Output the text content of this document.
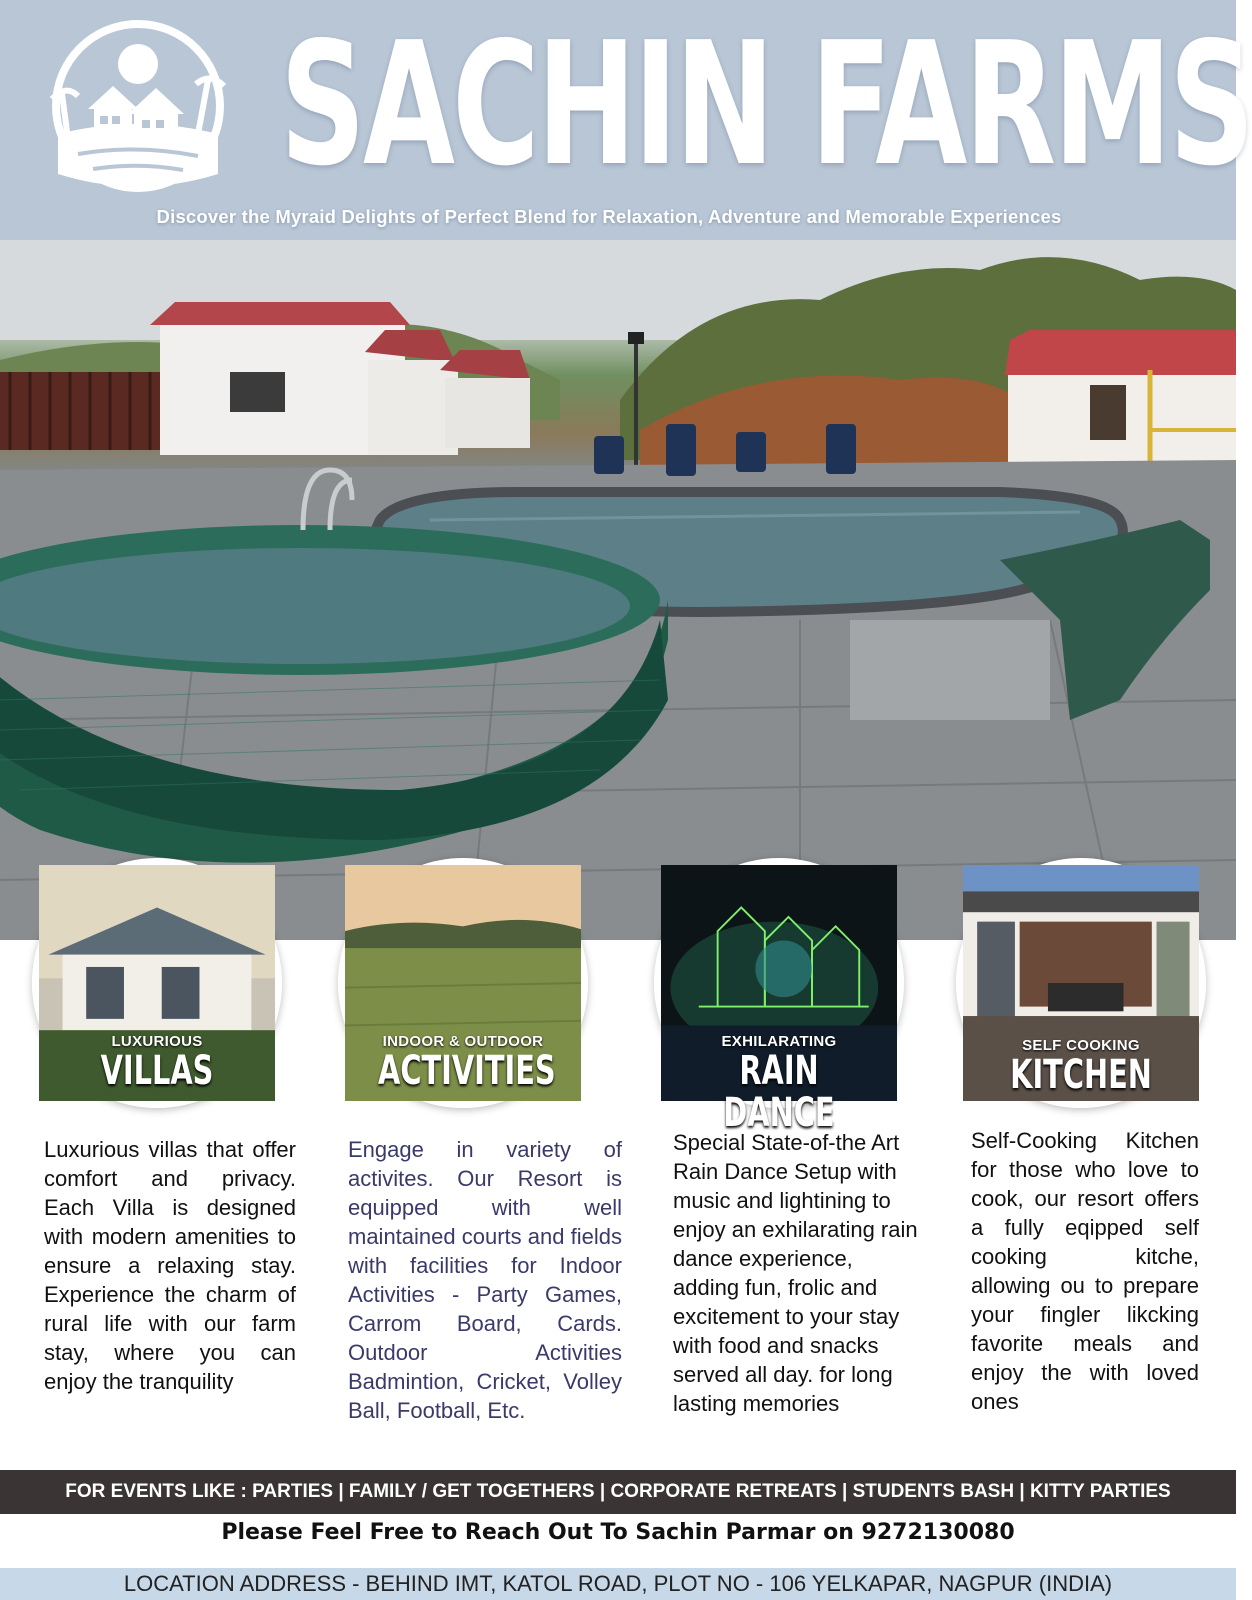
SACHIN FARMS
Discover the Myraid Delights of Perfect Blend for Relaxation, Adventure and Memorable Experiences
LUXURIOUS
VILLAS
INDOOR & OUTDOOR
ACTIVITIES
EXHILARATING
RAIN DANCE
SELF COOKING
KITCHEN

Luxurious villas that offer comfort and privacy. Each Villa is designed with modern amenities to ensure a relaxing stay. Experience the charm of rural life with our farm stay, where you can enjoy the tranquility

Engage in variety of activites. Our Resort is equipped with well maintained courts and fields with facilities for Indoor Activities - Party Games, Carrom Board, Cards. Outdoor Activities Badmintion, Cricket, Volley Ball, Football, Etc.

Special State-of-the Art Rain Dance Setup with music and lightining to enjoy an exhilarating rain dance experience, adding fun, frolic and excitement to your stay with food and snacks served all day. for long lasting memories

Self-Cooking Kitchen for those who love to cook, our resort offers a fully eqipped self cooking kitche, allowing ou to prepare your fingler likcking favorite meals and enjoy the with loved ones

FOR EVENTS LIKE : PARTIES | FAMILY / GET TOGETHERS | CORPORATE RETREATS | STUDENTS BASH | KITTY PARTIES
Please Feel Free to Reach Out To Sachin Parmar on 9272130080
LOCATION ADDRESS - BEHIND IMT, KATOL ROAD, PLOT NO - 106 YELKAPAR, NAGPUR (INDIA)
